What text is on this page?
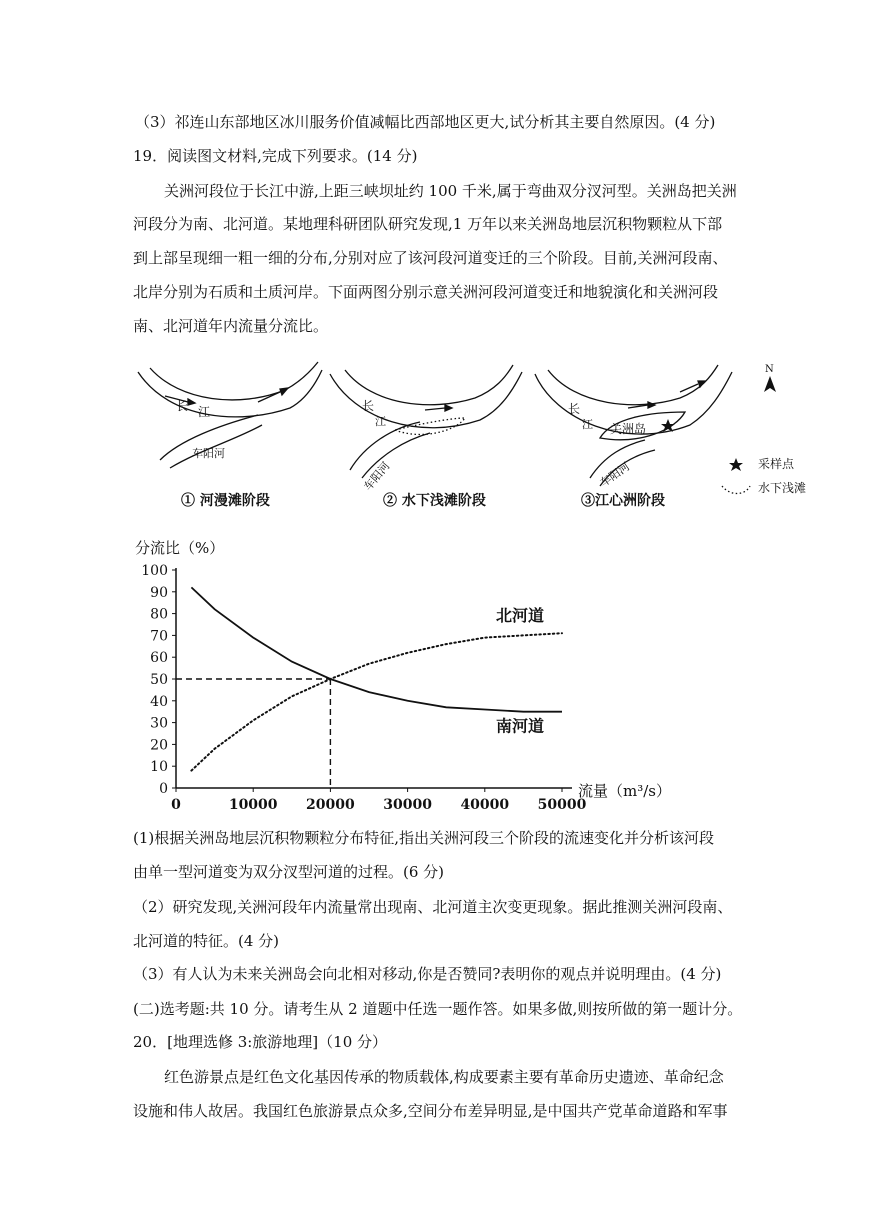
（3）祁连山东部地区冰川服务价值减幅比西部地区更大,试分析其主要自然原因。(4 分)
19．阅读图文材料,完成下列要求。(14 分)
关洲河段位于长江中游,上距三峡坝址约 100 千米,属于弯曲双分汊河型。关洲岛把关洲
河段分为南、北河道。某地理科研团队研究发现,1 万年以来关洲岛地层沉积物颗粒从下部
到上部呈现细一粗一细的分布,分别对应了该河段河道变迁的三个阶段。目前,关洲河段南、
北岸分别为石质和土质河岸。下面两图分别示意关洲河段河道变迁和地貌演化和关洲河段
南、北河道年内流量分流比。
长 江
车阳河
① 河漫滩阶段
长
江
车阳河
② 水下浅滩阶段
关洲岛
长
江
车阳河
③江心洲阶段
N
采样点
水下浅滩
分流比（%）
流量（m³/s）
0
10
20
30
40
50
60
70
80
90
100
0	10000 20000 30000 40000 50000
南河道
北河道
(1)根据关洲岛地层沉积物颗粒分布特征,指出关洲河段三个阶段的流速变化并分析该河段
由单一型河道变为双分汊型河道的过程。(6 分)
（2）研究发现,关洲河段年内流量常出现南、北河道主次变更现象。据此推测关洲河段南、
北河道的特征。(4 分)
（3）有人认为未来关洲岛会向北相对移动,你是否赞同?表明你的观点并说明理由。(4 分)
(二)选考题:共 10 分。请考生从 2 道题中任选一题作答。如果多做,则按所做的第一题计分。
20．[地理选修 3:旅游地理]（10 分）
红色游景点是红色文化基因传承的物质载体,构成要素主要有革命历史遗迹、革命纪念
设施和伟人故居。我国红色旅游景点众多,空间分布差异明显,是中国共产党革命道路和军事
